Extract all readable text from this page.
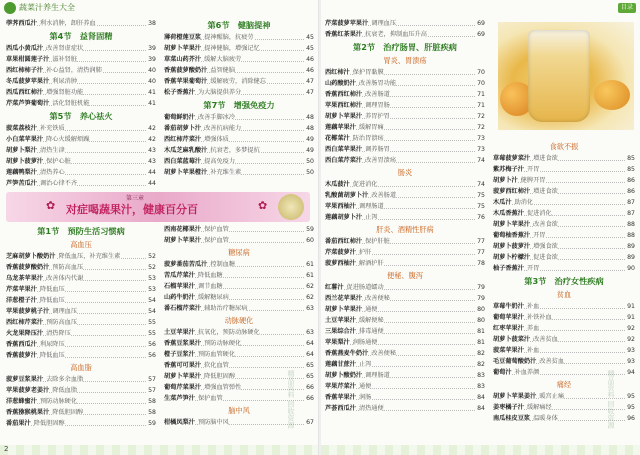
蔬菜汁养生大全
荸荠西瓜汁 利水消肿，卸肝养血	38
第4节　益肾固精
西瓜小黄瓜汁 改善肾虚症状	39
草果柑圆莲子汁 滋补肾脏	39
西红柿柿子汁 补心益肾，清热润肺	40
冬瓜菠萝苹果汁 利尿消肿	40
西瓜西红柿汁 增强肾脏功能	41
芹菜芦笋葡萄汁 活化肾脏机能	41
第5节　养心祛火
菠菜荔枝汁 补充铁质	42
小白菜苹果汁 降心火缓解烦躁	42
胡萝卜梨汁 清热生津	43
胡萝卜菠萝汁 保护心脏	43
莲藕鸭梨汁 清热养心	44
芦笋苦瓜汁 调治心律不齐	44
第6节　健脑提神
薄荷橙莲豆浆 提神醒脑，抗疲劳	45
胡萝卜苹果汁 提神健脑，增强记忆	45
草菜山药芥汁 缓解大脑疲劳	46
香蕉菠萝酸奶汁 益智健脑	46
香蕉苹果葡萄汁 缓解疲劳，消除健忘	47
松子香蕉汁 为大脑提供养分	47
第7节　增强免疫力
葡萄鲜奶汁 改善手脚冰冷	48
番茄胡萝卜汁 改善抗病能力	48
西红柿芹菜汁 增强体质	49
木瓜芝麻乳酸汁 抗衰老，多梦提抗	49
西白菜蓝莓汁 提高免疫力	50
胡萝卜苹果橙汁 补充维生素	50
✿
第三章
对症喝蔬果汁，健康百分百	✿
第1节　预防生活习惯病
高血压
芝麻胡萝卜酸奶汁 降低血压，补充维生素	52
香蕉菠萝酸奶汁 预防高血压	52
乌龙茶苹果汁 改善体内代谢	53
芹菜苹果汁 降低血压	53
洋葱橙子汁 降低血压	54
苹果菠萝桃子汁 调理血压	54
西红柿芹菜汁 预防高血压	55
火龙果降压汁 清热降压	55
香蕉西瓜汁 利尿降压	56
香蕉菠萝汁 降低血压	56
高血脂
菠萝豆浆果汁 去除多余血脂	57
苹果菠萝老姜汁 降低血脂	57
洋葱蜂蜜汁 预防动脉硬化	58
香蕉猕猴桃果汁 降低胆固醇	58
番茄果汁 降低胆固醇	59
西南花椰果汁 保护血管	59
胡萝卜苹果汁 保护血管	60
糖尿病
菠萝番茄苦瓜汁 控制血糖	61
苦瓜芹菜汁 降低血糖	61
石榴苹果汁 调节血糖	62
山药牛奶汁 缓解糖尿病	62
番石榴芹菜汁 辅助治疗糖尿病	63
动脉硬化
土豆苹果汁 抗氧化，预防动脉硬化	63
香蕉豆浆果汁 预防动脉硬化	64
橙子豆浆汁 预防血管硬化	64
香蕉可可果汁 软化血管	65
胡萝卜苹果汁 降低胆固醇	65
葡萄芹菜果汁 增强血管弹性	66
生菜芦笋汁 保护血管	66
脑中风
柑橘凤梨汁 预防脑中风	67
2
目录
芹菜菠萝苹果汁 调理血压	69
香蕉红茶果汁 抗衰老，抑制血压升高	69
第2节　治疗肠胃、肝脏疾病
胃炎、胃溃疡
西红柿汁 保护胃黏膜	70
山药酸奶汁 改善肠胃功能	70
香蕉西红柿汁 改善肠道	71
苹果西红柿汁 调理胃肠	71
胡萝卜苹果汁 养胃护胃	72
莲藕苹果汁 缓解胃痛	72
花椰菜汁 防治胃溃疡	73
西白菜苹果汁 调养肠胃	73
西白菜芹菜汁 改善胃溃疡	74
肠炎
木瓜菠汁 促进消化	74
乳酸菌胡萝卜汁 改善肠道	75
苹果西柚汁 调理肠道	75
莲藕胡萝卜汁 止泻	76
肝炎、酒精性肝病
番茄西红柿汁 保护肝脏	77
芹菜菠萝汁 护肝	77
菠萝西柚汁 解酒护肝	78
便秘、腹泻
红薯汁 促进肠道蠕动	79
西兰花苹果汁 改善便秘	79
胡萝卜苹果汁 通便	80
土豆苹果汁 缓解便秘	80
三果综合汁 排毒通便	81
苹果梨汁 润肠通便	81
香蕉燕麦牛奶汁 改善便秘	82
莲藕甘蔗汁 止泻	82
胡萝卜酸奶汁 调理肠道	83
苹果芹菜汁 通便	83
香蕉苹果汁 润肠	84
芦荟西瓜汁 清热通便	84
食欲不振
草莓菠萝菜汁 增进食欲	85
紫苏梅子汁 开胃	85
胡萝卜汁 健脾开胃	86
菠萝西红柿汁 增进食欲	86
木瓜汁 助消化	87
木瓜香蕉汁 促进消化	87
胡萝卜苹果汁 改善食欲	88
葡萄柚香蕉汁 开胃	88
胡萝卜菠萝汁 增强食欲	89
胡萝卜柠檬汁 促进食欲	89
柚子香蕉汁 开胃	90
第3节　治疗女性疾病
贫血
草莓牛奶汁 补血	91
葡萄苹果汁 补铁补血	91
红枣苹果汁 养血	92
胡萝卜菠菜汁 改善贫血	92
菠菜苹果汁 补血	93
毛豆葡萄酸奶汁 改善贫血	93
葡萄汁 补血养颜	94
痛经
胡萝卜苹果姜汁 暖宫止痛	95
姜枣橘子汁 缓解痛经	95
南瓜桂皮豆浆 温暖身体	96
精品资料 回收资源	精品资料 回收资源
